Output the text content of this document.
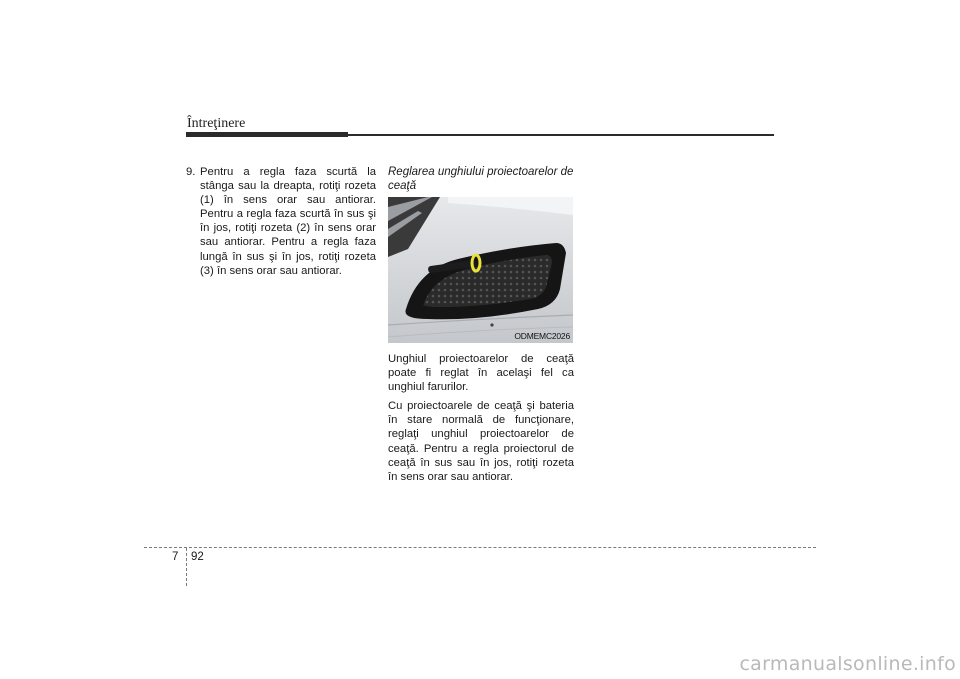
Întreţinere
9. Pentru a regla faza scurtă la stânga sau la dreapta, rotiţi rozeta (1) în sens orar sau antiorar. Pentru a regla faza scurtă în sus şi în jos, rotiţi rozeta (2) în sens orar sau antiorar. Pentru a regla faza lungă în sus şi în jos, rotiţi rozeta (3) în sens orar sau antiorar.
Reglarea unghiului proiectoarelor de ceaţă
ODMEMC2026

Unghiul proiectoarelor de ceaţă poate fi reglat în acelaşi fel ca unghiul farurilor.

Cu proiectoarele de ceaţă şi bateria în stare normală de funcţionare, reglaţi unghiul proiectoarelor de ceaţă. Pentru a regla proiectorul de ceaţă în sus sau în jos, rotiţi rozeta în sens orar sau antiorar.

7 92
carmanualsonline.info
